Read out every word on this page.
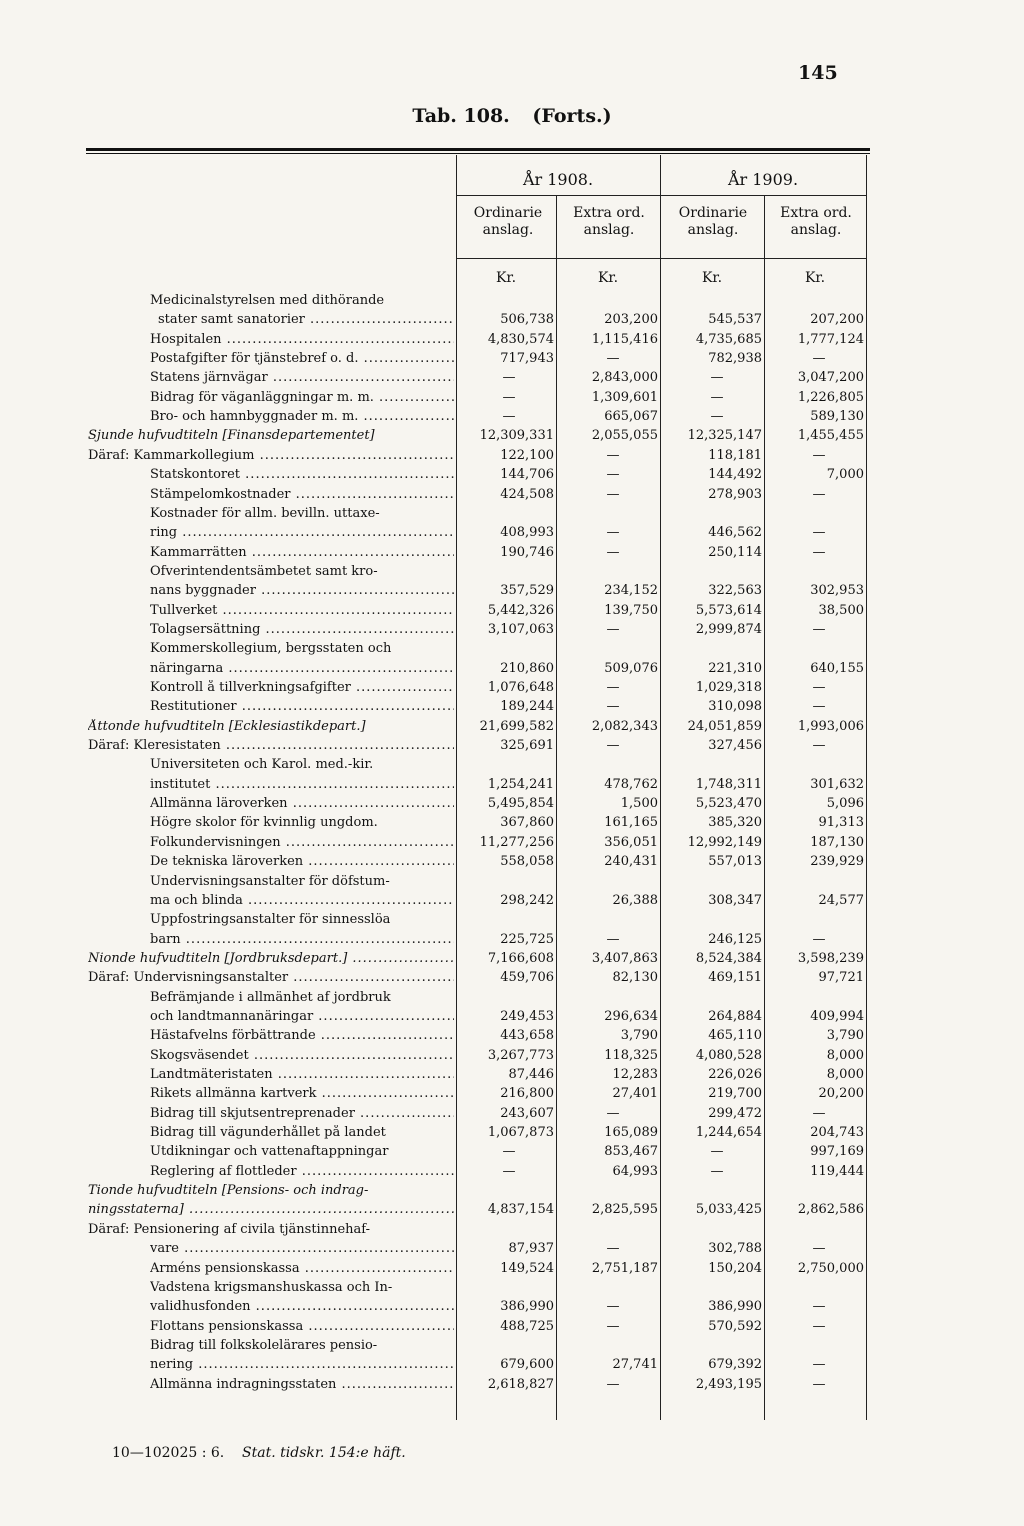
145
Tab. 108. (Forts.)
År 1908.	År 1909.
Ordinarie anslag.
Extra ord. anslag.
Ordinarie anslag.
Extra ord. anslag.
Kr.	Kr.	Kr.	Kr.
Medicinalstyrelsen med dithörande
stater samt sanatorier .....	506,738	203,200	545,537	207,200
Hospitalen .....	4,830,574	1,115,416	4,735,685	1,777,124
Postafgifter för tjänstebref o. d. .....	717,943	—	782,938	—
Statens järnvägar .....	—	2,843,000	—	3,047,200
Bidrag för väganläggningar m. m. .....	—	1,309,601	—	1,226,805
Bro- och hamnbyggnader m. m. .....	—	665,067	—	589,130
Sjunde hufvudtiteln [Finansdepartementet]	12,309,331	2,055,055	12,325,147	1,455,455
Däraf: Kammarkollegium .....	122,100	—	118,181	—
Statskontoret .....	144,706	—	144,492	7,000
Stämpelomkostnader .....	424,508	—	278,903	—
Kostnader för allm. bevilln. uttaxe-
ring .....	408,993	—	446,562	—
Kammarrätten .....	190,746	—	250,114	—
Öfverintendentsämbetet samt kro-
nans byggnader .....	357,529	234,152	322,563	302,953
Tullverket .....	5,442,326	139,750	5,573,614	38,500
Tolagsersättning .....	3,107,063	—	2,999,874	—
Kommerskollegium, bergsstaten och
näringarna .....	210,860	509,076	221,310	640,155
Kontroll å tillverkningsafgifter .....	1,076,648	—	1,029,318	—
Restitutioner .....	189,244	—	310,098	—
Åttonde hufvudtiteln [Ecklesiastikdepart.]	21,699,582	2,082,343	24,051,859	1,993,006
Däraf: Kleresistaten .....	325,691	—	327,456	—
Universiteten och Karol. med.-kir.
institutet .....	1,254,241	478,762	1,748,311	301,632
Allmänna läroverken .....	5,495,854	1,500	5,523,470	5,096
Högre skolor för kvinnlig ungdom.	367,860	161,165	385,320	91,313
Folkundervisningen .....	11,277,256	356,051	12,992,149	187,130
De tekniska läroverken .....	558,058	240,431	557,013	239,929
Undervisningsanstalter för döfstum-
ma och blinda .....	298,242	26,388	308,347	24,577
Uppfostringsanstalter för sinnesslöa
barn .....	225,725	—	246,125	—
Nionde hufvudtiteln [Jordbruksdepart.] .....	7,166,608	3,407,863	8,524,384	3,598,239
Däraf: Undervisningsanstalter .....	459,706	82,130	469,151	97,721
Befrämjande i allmänhet af jordbruk
och landtmannanäringar .....	249,453	296,634	264,884	409,994
Hästafvelns förbättrande .....	443,658	3,790	465,110	3,790
Skogsväsendet .....	3,267,773	118,325	4,080,528	8,000
Landtmäteristaten .....	87,446	12,283	226,026	8,000
Rikets allmänna kartverk .....	216,800	27,401	219,700	20,200
Bidrag till skjutsentreprenader .....	243,607	—	299,472	—
Bidrag till vägunderhållet på landet	1,067,873	165,089	1,244,654	204,743
Utdikningar och vattenaftappningar	—	853,467	—	997,169
Reglering af flottleder .....	—	64,993	—	119,444
Tionde hufvudtiteln [Pensions- och indrag-
ningsstaterna] .....	4,837,154	2,825,595	5,033,425	2,862,586
Däraf: Pensionering af civila tjänstinnehaf-
vare .....	87,937	—	302,788	—
Arméns pensionskassa .....	149,524	2,751,187	150,204	2,750,000
Vadstena krigsmanshuskassa och In-
validhusfonden .....	386,990	—	386,990	—
Flottans pensionskassa .....	488,725	—	570,592	—
Bidrag till folkskolelärares pensio-
nering .....	679,600	27,741	679,392	—
Allmänna indragningsstaten .....	2,618,827	—	2,493,195	—
10—102025 : 6. Stat. tidskr. 154:e häft.
